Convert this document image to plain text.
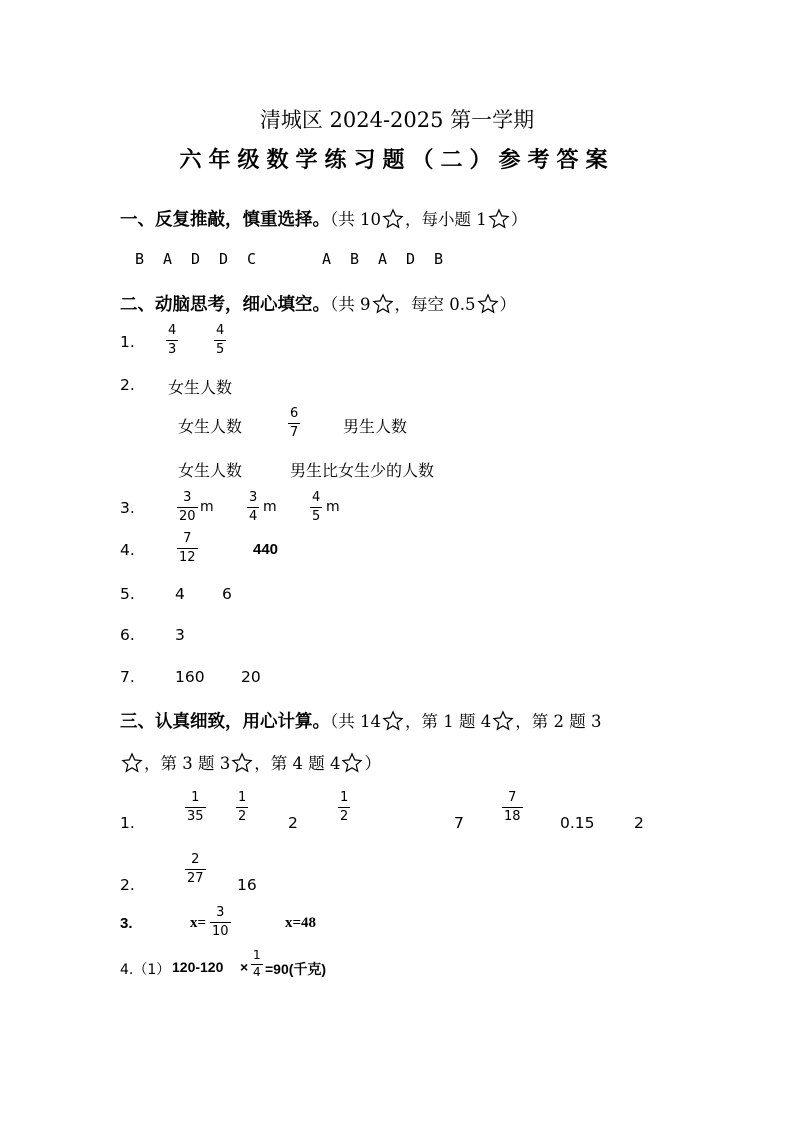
清城区 2024-2025 第一学期
六年级数学练习题（二）参考答案
一、反复推敲，慎重选择。（共 10 ，每小题 1 ）
B A D D C	A B A D B
二、动脑思考，细心填空。（共 9 ，每空 0.5 ）
1.
4
3
4
5
2. 女生人数
女生人数
6
7	男生人数
女生人数	男生比女生少的人数
3.
3
20
m
3
4
m
4
5
m
4.
7
12	440
5.	4 6
6.	3
7.	160 20
三、认真细致，用心计算。（共 14 ，第 1 题 4 ，第 2 题 3
，第 3 题 3 ，第 4 题 4 ）
1.
1
35
1
2	2
1
2	7
7
18	0.15	2
2.
2
27 16
3.	x=
3
10
x=48
4.（1） 120-120 ×
1
4 =90(千克)
